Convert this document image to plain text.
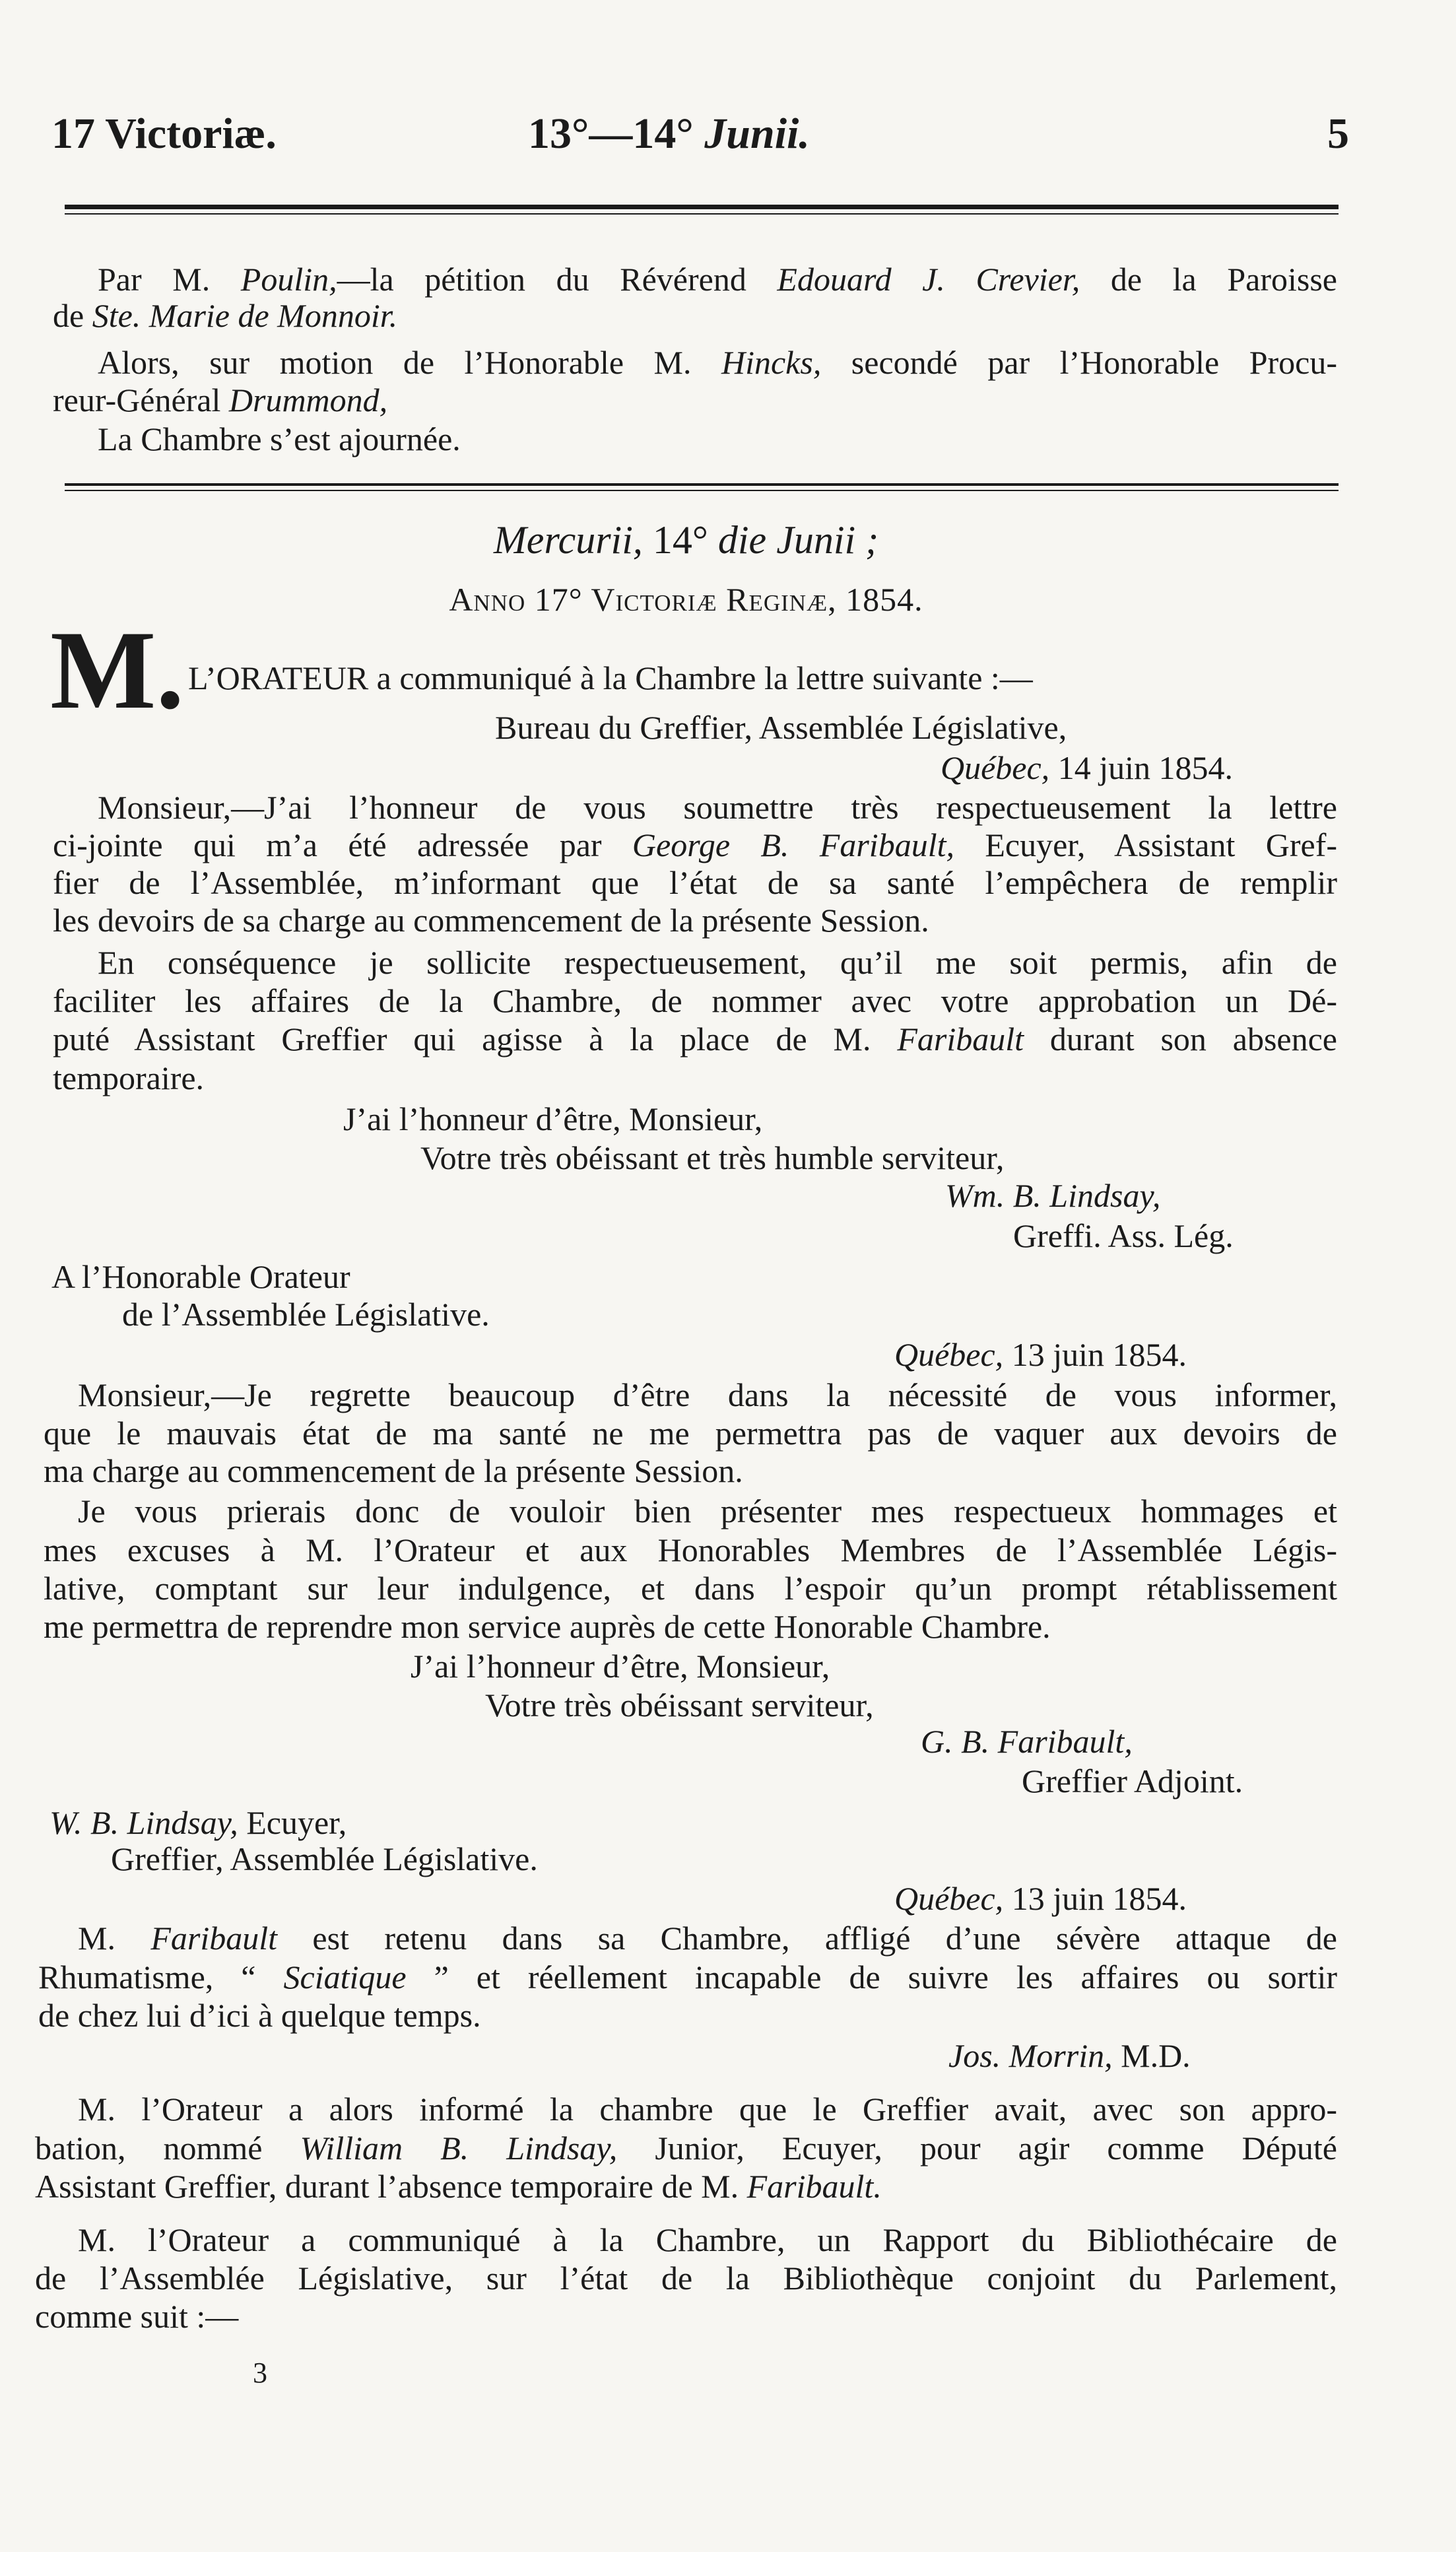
17 Victoriæ.	13°—14° Junii.	5
Par M. Poulin,—la pétition du Révérend Edouard J. Crevier, de la Paroisse
de Ste. Marie de Monnoir.
Alors, sur motion de l’Honorable M. Hincks, secondé par l’Honorable Procu-
reur-Général Drummond,
La Chambre s’est ajournée.
Mercurii, 14° die Junii ;
Anno 17° Victoriæ Reginæ, 1854.
M. L’ORATEUR a communiqué à la Chambre la lettre suivante :—
Bureau du Greffier, Assemblée Législative,
Québec, 14 juin 1854.
Monsieur,—J’ai l’honneur de vous soumettre très respectueusement la lettre
ci-jointe qui m’a été adressée par George B. Faribault, Ecuyer, Assistant Gref-
fier de l’Assemblée, m’informant que l’état de sa santé l’empêchera de remplir
les devoirs de sa charge au commencement de la présente Session.
En conséquence je sollicite respectueusement, qu’il me soit permis, afin de
faciliter les affaires de la Chambre, de nommer avec votre approbation un Dé-
puté Assistant Greffier qui agisse à la place de M. Faribault durant son absence
temporaire.
J’ai l’honneur d’être, Monsieur,
Votre très obéissant et très humble serviteur,
Wm. B. Lindsay,
Greffi. Ass. Lég.
A l’Honorable Orateur
de l’Assemblée Législative.
Québec, 13 juin 1854.
Monsieur,—Je regrette beaucoup d’être dans la nécessité de vous informer,
que le mauvais état de ma santé ne me permettra pas de vaquer aux devoirs de
ma charge au commencement de la présente Session.
Je vous prierais donc de vouloir bien présenter mes respectueux hommages et
mes excuses à M. l’Orateur et aux Honorables Membres de l’Assemblée Légis-
lative, comptant sur leur indulgence, et dans l’espoir qu’un prompt rétablissement
me permettra de reprendre mon service auprès de cette Honorable Chambre.
J’ai l’honneur d’être, Monsieur,
Votre très obéissant serviteur,
G. B. Faribault,
Greffier Adjoint.
W. B. Lindsay, Ecuyer,
Greffier, Assemblée Législative.
Québec, 13 juin 1854.
M. Faribault est retenu dans sa Chambre, affligé d’une sévère attaque de
Rhumatisme, “ Sciatique ” et réellement incapable de suivre les affaires ou sortir
de chez lui d’ici à quelque temps.
Jos. Morrin, M.D.
M. l’Orateur a alors informé la chambre que le Greffier avait, avec son appro-
bation, nommé William B. Lindsay, Junior, Ecuyer, pour agir comme Député
Assistant Greffier, durant l’absence temporaire de M. Faribault.
M. l’Orateur a communiqué à la Chambre, un Rapport du Bibliothécaire de
de l’Assemblée Législative, sur l’état de la Bibliothèque conjoint du Parlement,
comme suit :—
3
